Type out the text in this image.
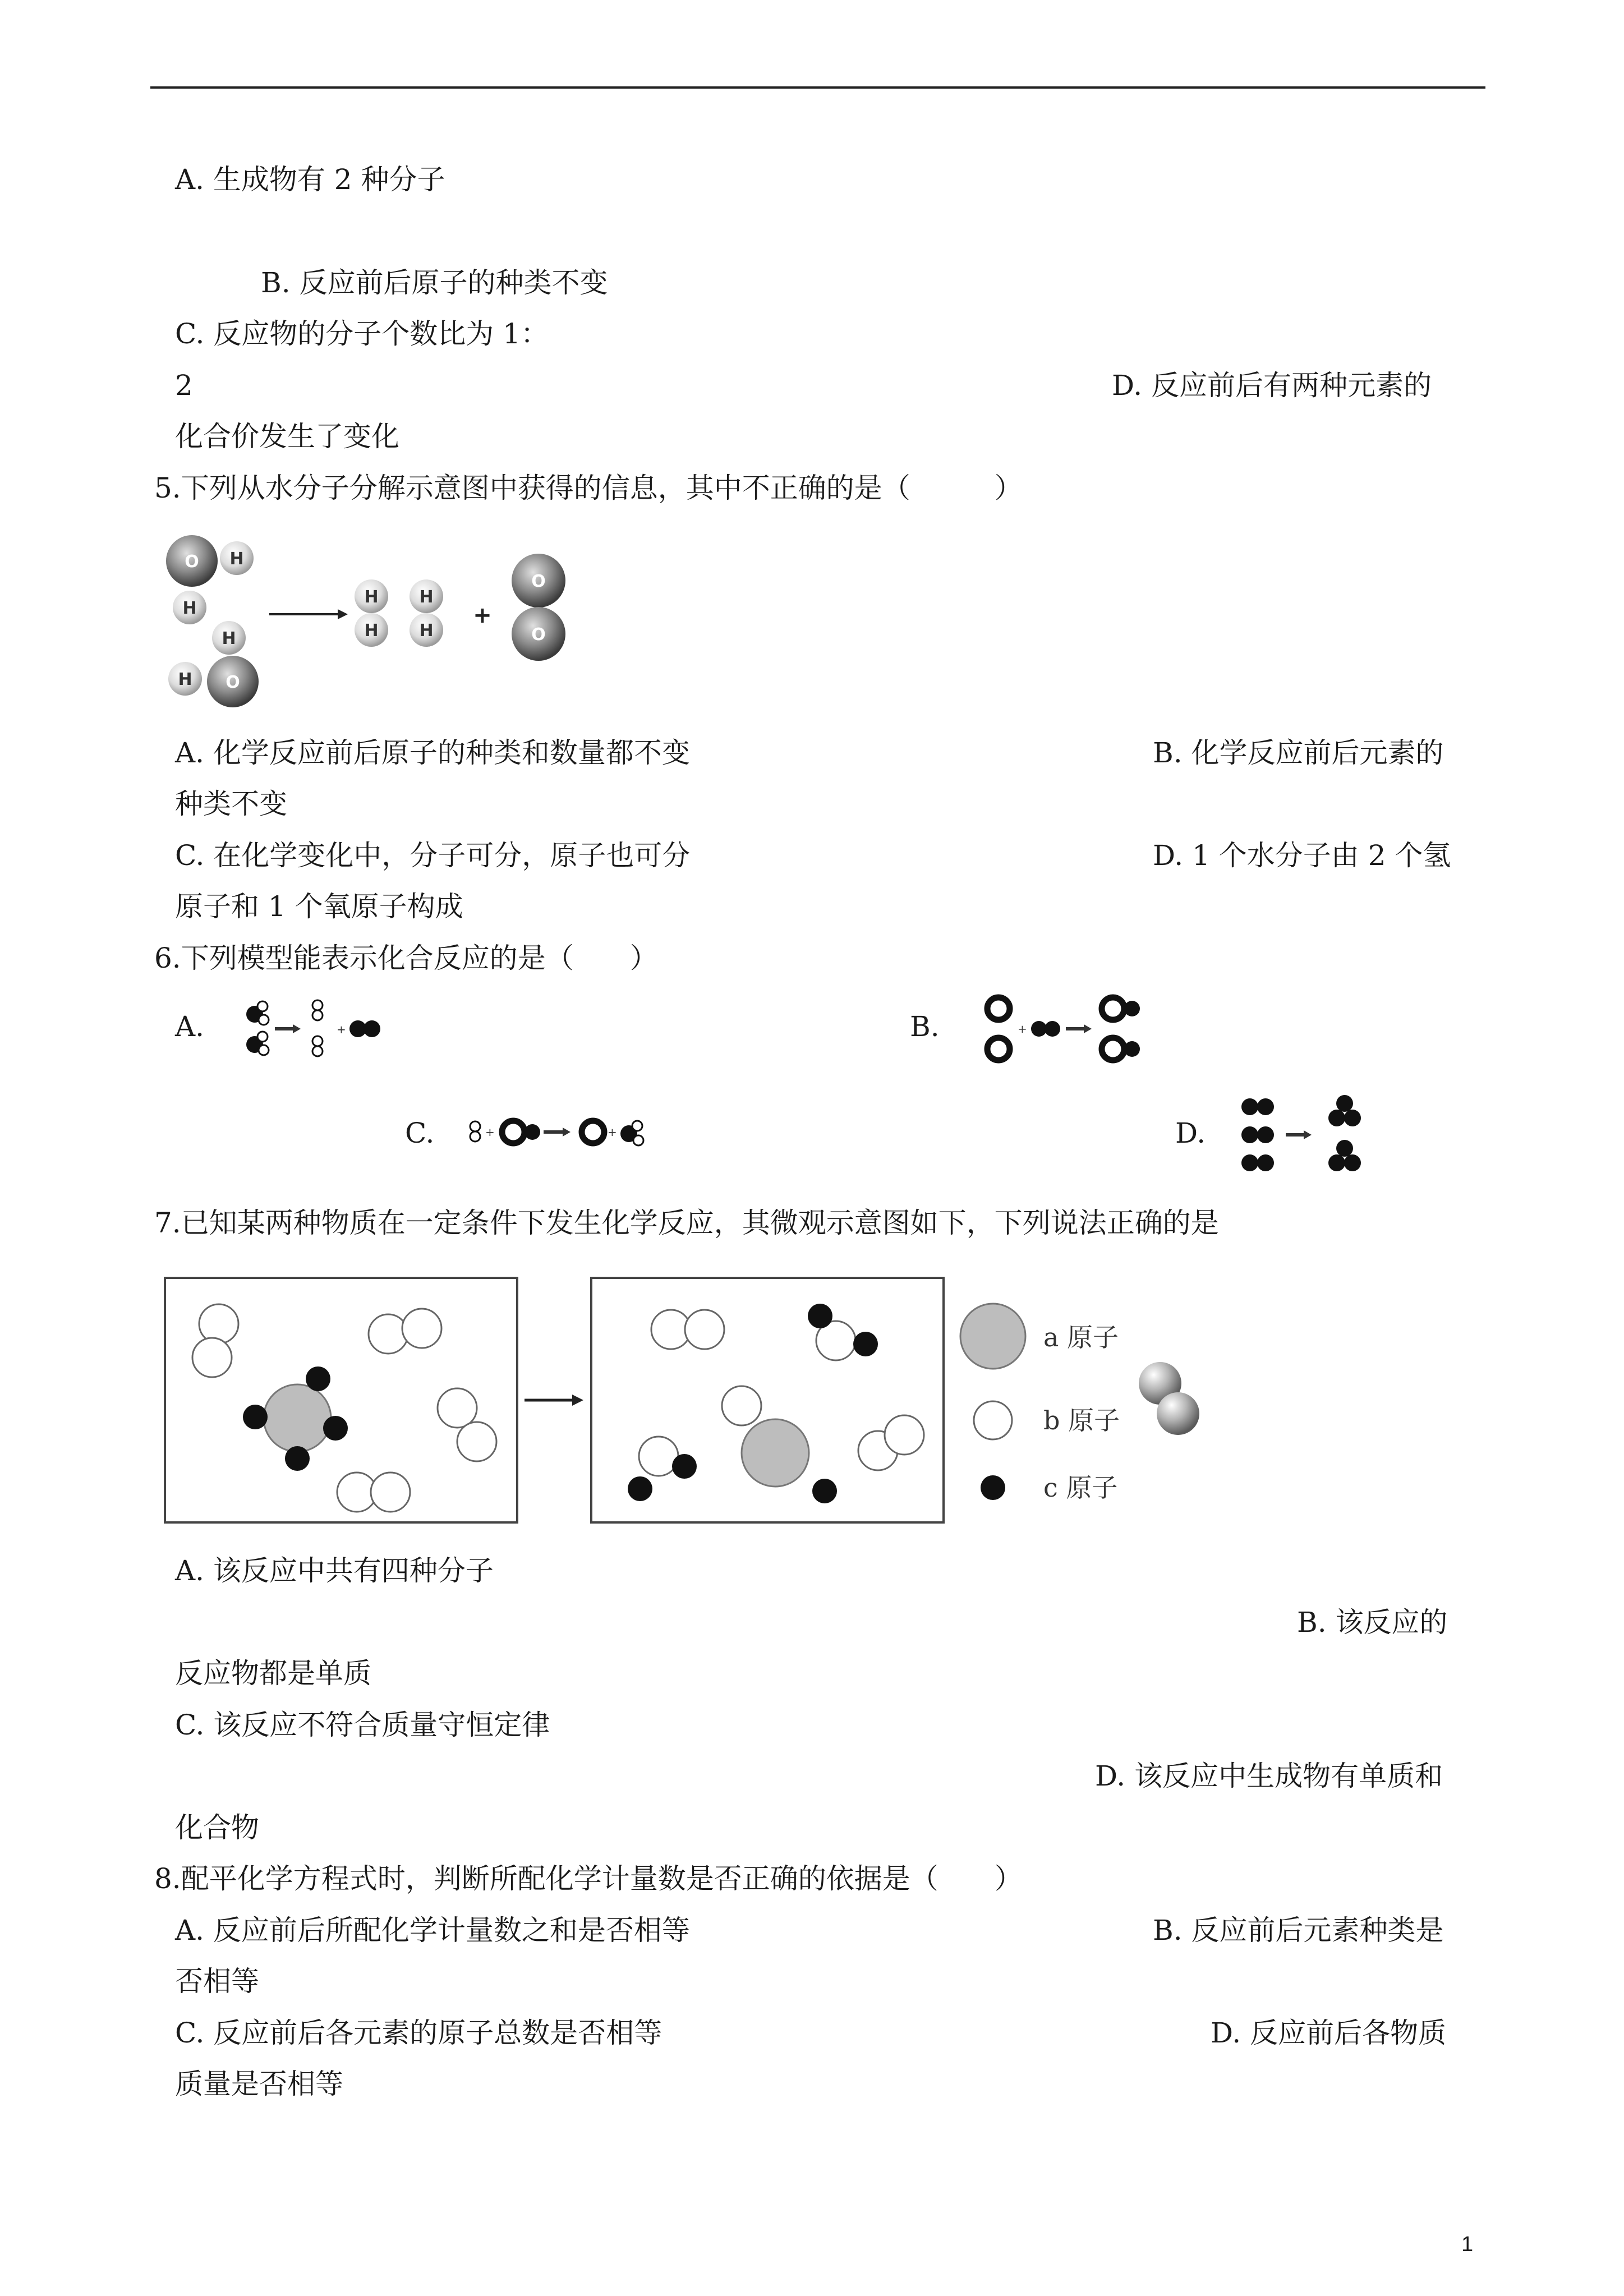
A. 生成物有 2 种分子
B. 反应前后原子的种类不变
C. 反应物的分子个数比为 1：
2	D. 反应前后有两种元素的
化合价发生了变化
5.下列从水分子分解示意图中获得的信息，其中不正确的是（　　　）
O H
H
H
H O
H
H
H
H
+
O
O
A. 化学反应前后原子的种类和数量都不变	B. 化学反应前后元素的
种类不变
C. 在化学变化中，分子可分，原子也可分	D. 1 个水分子由 2 个氢
原子和 1 个氧原子构成
6.下列模型能表示化合反应的是（　　）
A.	+	B.	+
C.	+	+	D.
7.已知某两种物质在一定条件下发生化学反应，其微观示意图如下，下列说法正确的是
a 原子
b 原子
c 原子
A. 该反应中共有四种分子
B. 该反应的
反应物都是单质
C. 该反应不符合质量守恒定律
D. 该反应中生成物有单质和
化合物
8.配平化学方程式时，判断所配化学计量数是否正确的依据是（　　）
A. 反应前后所配化学计量数之和是否相等	B. 反应前后元素种类是
否相等
C. 反应前后各元素的原子总数是否相等	D. 反应前后各物质
质量是否相等
1
